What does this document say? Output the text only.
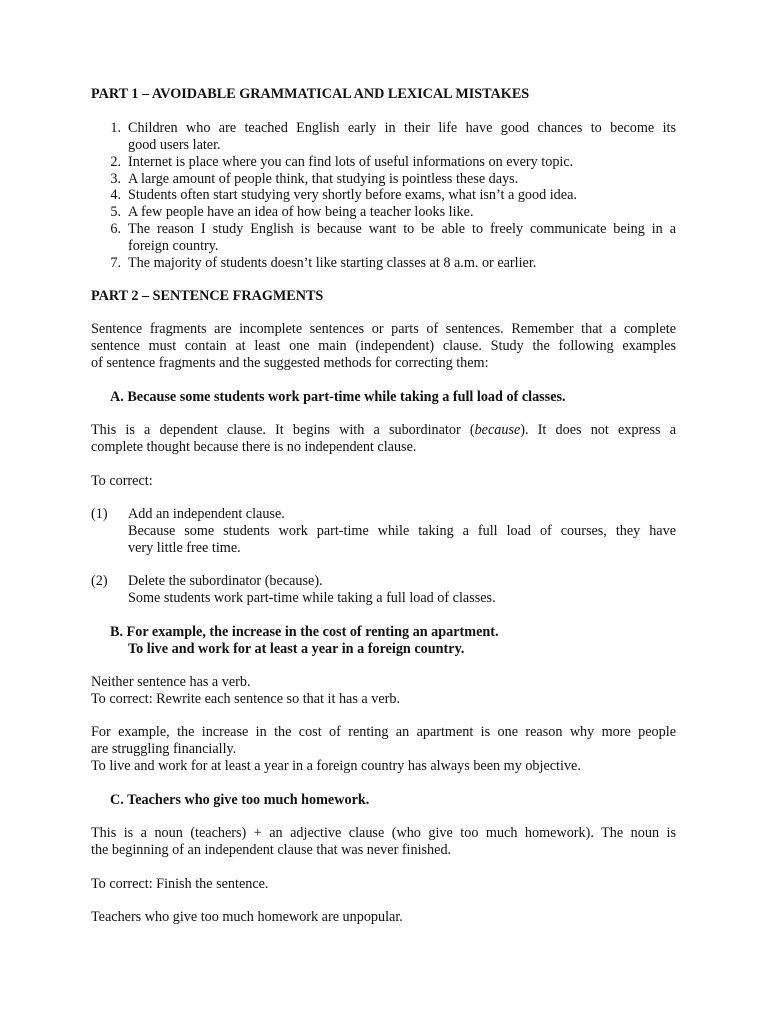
PART 1 – AVOIDABLE GRAMMATICAL AND LEXICAL MISTAKES
1. Children who are teached English early in their life have good chances to become its
good users later.
2. Internet is place where you can find lots of useful informations on every topic.
3. A large amount of people think, that studying is pointless these days.
4. Students often start studying very shortly before exams, what isn’t a good idea.
5. A few people have an idea of how being a teacher looks like.
6. The reason I study English is because want to be able to freely communicate being in a
foreign country.
7. The majority of students doesn’t like starting classes at 8 a.m. or earlier.
PART 2 – SENTENCE FRAGMENTS
Sentence fragments are incomplete sentences or parts of sentences. Remember that a complete
sentence must contain at least one main (independent) clause. Study the following examples
of sentence fragments and the suggested methods for correcting them:
A. Because some students work part-time while taking a full load of classes.
This is a dependent clause. It begins with a subordinator (because). It does not express a
complete thought because there is no independent clause.
To correct:
(1) Add an independent clause.
Because some students work part-time while taking a full load of courses, they have
very little free time.
(2) Delete the subordinator (because).
Some students work part-time while taking a full load of classes.
B. For example, the increase in the cost of renting an apartment.
To live and work for at least a year in a foreign country.
Neither sentence has a verb.
To correct: Rewrite each sentence so that it has a verb.
For example, the increase in the cost of renting an apartment is one reason why more people
are struggling financially.
To live and work for at least a year in a foreign country has always been my objective.
C. Teachers who give too much homework.
This is a noun (teachers) + an adjective clause (who give too much homework). The noun is
the beginning of an independent clause that was never finished.
To correct: Finish the sentence.
Teachers who give too much homework are unpopular.
